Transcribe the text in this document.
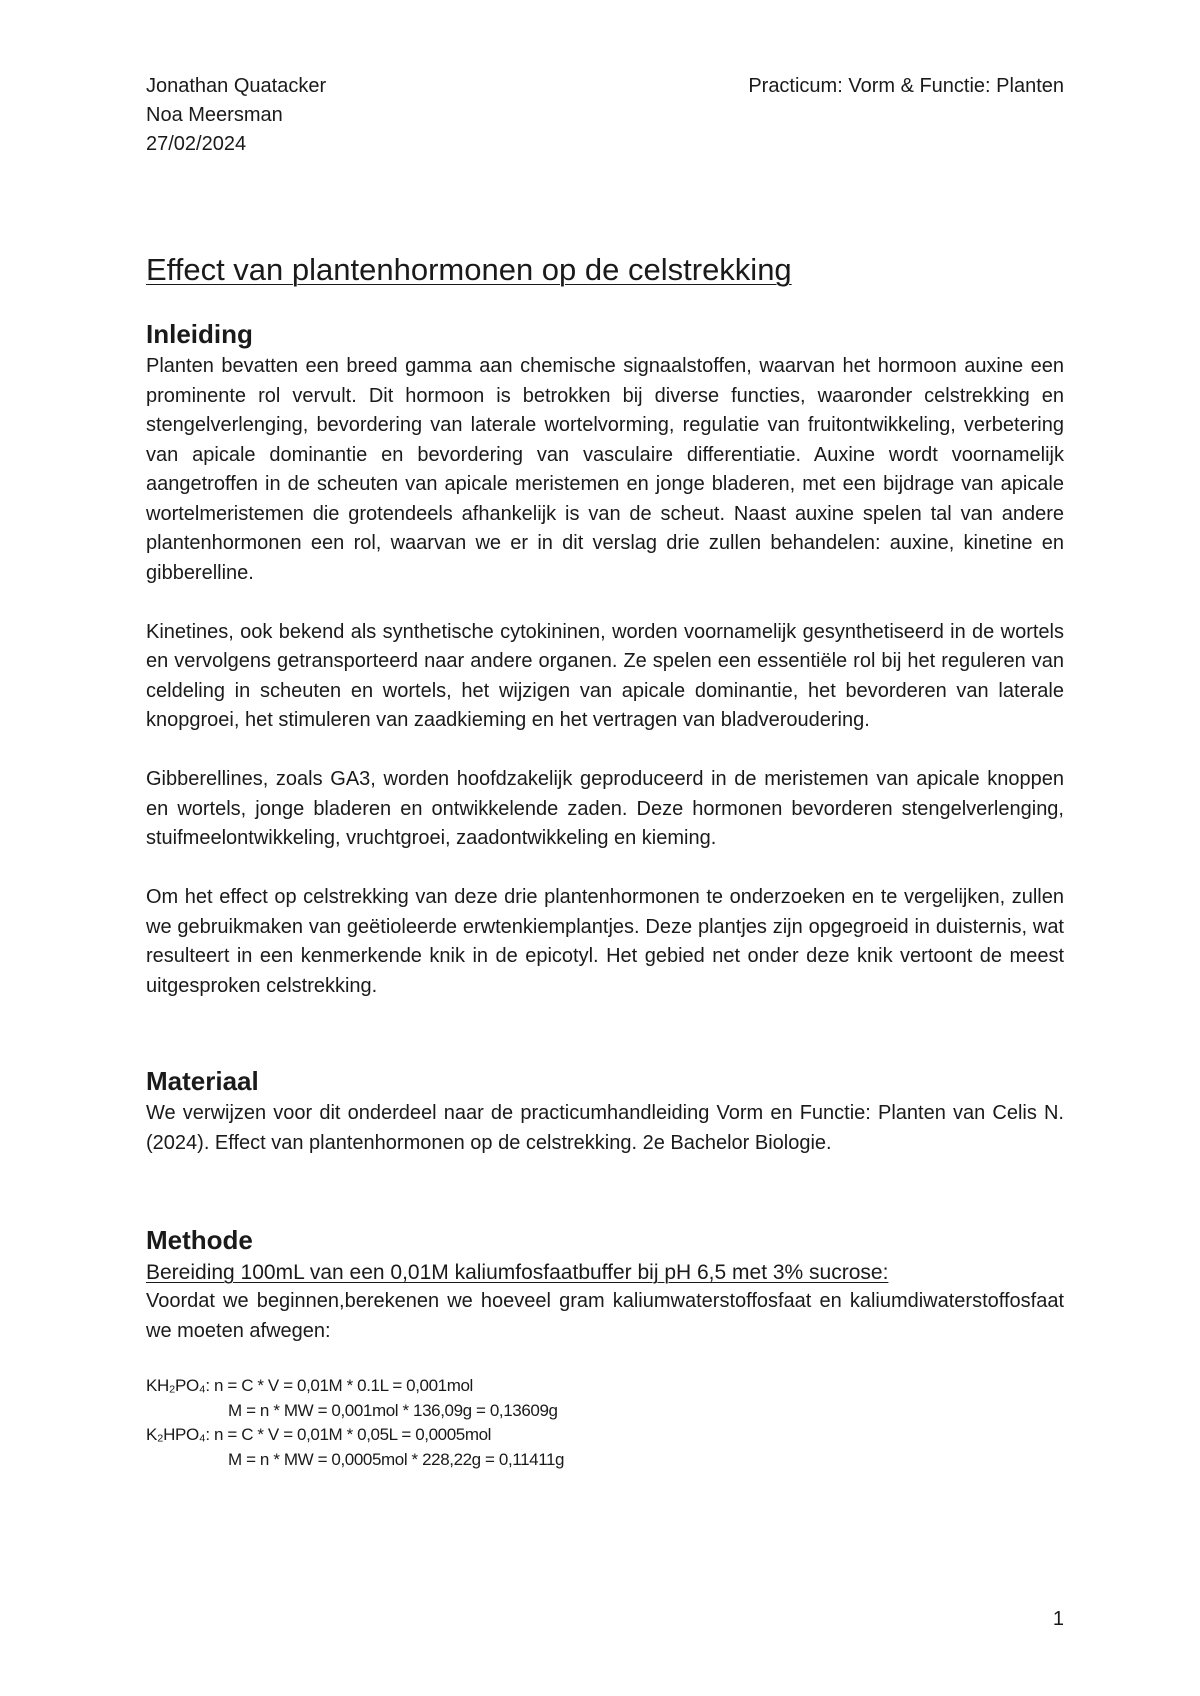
Jonathan Quatacker
Noa Meersman
27/02/2024
Practicum: Vorm & Functie: Planten
Effect van plantenhormonen op de celstrekking
Inleiding

Planten bevatten een breed gamma aan chemische signaalstoffen, waarvan het hormoon auxine een prominente rol vervult. Dit hormoon is betrokken bij diverse functies, waaronder celstrekking en stengelverlenging, bevordering van laterale wortelvorming, regulatie van fruitontwikkeling, verbetering van apicale dominantie en bevordering van vasculaire differentiatie. Auxine wordt voornamelijk aangetroffen in de scheuten van apicale meristemen en jonge bladeren, met een bijdrage van apicale wortelmeristemen die grotendeels afhankelijk is van de scheut. Naast auxine spelen tal van andere plantenhormonen een rol, waarvan we er in dit verslag drie zullen behandelen: auxine, kinetine en gibberelline.

Kinetines, ook bekend als synthetische cytokininen, worden voornamelijk gesynthetiseerd in de wortels en vervolgens getransporteerd naar andere organen. Ze spelen een essentiële rol bij het reguleren van celdeling in scheuten en wortels, het wijzigen van apicale dominantie, het bevorderen van laterale knopgroei, het stimuleren van zaadkieming en het vertragen van bladveroudering.

Gibberellines, zoals GA3, worden hoofdzakelijk geproduceerd in de meristemen van apicale knoppen en wortels, jonge bladeren en ontwikkelende zaden. Deze hormonen bevorderen stengelverlenging, stuifmeelontwikkeling, vruchtgroei, zaadontwikkeling en kieming.

Om het effect op celstrekking van deze drie plantenhormonen te onderzoeken en te vergelijken, zullen we gebruikmaken van geëtioleerde erwtenkiemplantjes. Deze plantjes zijn opgegroeid in duisternis, wat resulteert in een kenmerkende knik in de epicotyl. Het gebied net onder deze knik vertoont de meest uitgesproken celstrekking.

Materiaal

We verwijzen voor dit onderdeel naar de practicumhandleiding Vorm en Functie: Planten van Celis N. (2024). Effect van plantenhormonen op de celstrekking. 2e Bachelor Biologie.

Methode
Bereiding 100mL van een 0,01M kaliumfosfaatbuffer bij pH 6,5 met 3% sucrose:

Voordat we beginnen,berekenen we hoeveel gram kaliumwaterstoffosfaat en kaliumdiwaterstoffosfaat we moeten afwegen:

KH₂PO₄: n = C * V = 0,01M * 0.1L = 0,001mol
M = n * MW = 0,001mol * 136,09g = 0,13609g
K₂HPO₄: n = C * V = 0,01M * 0,05L = 0,0005mol
M = n * MW = 0,0005mol * 228,22g = 0,11411g
1
